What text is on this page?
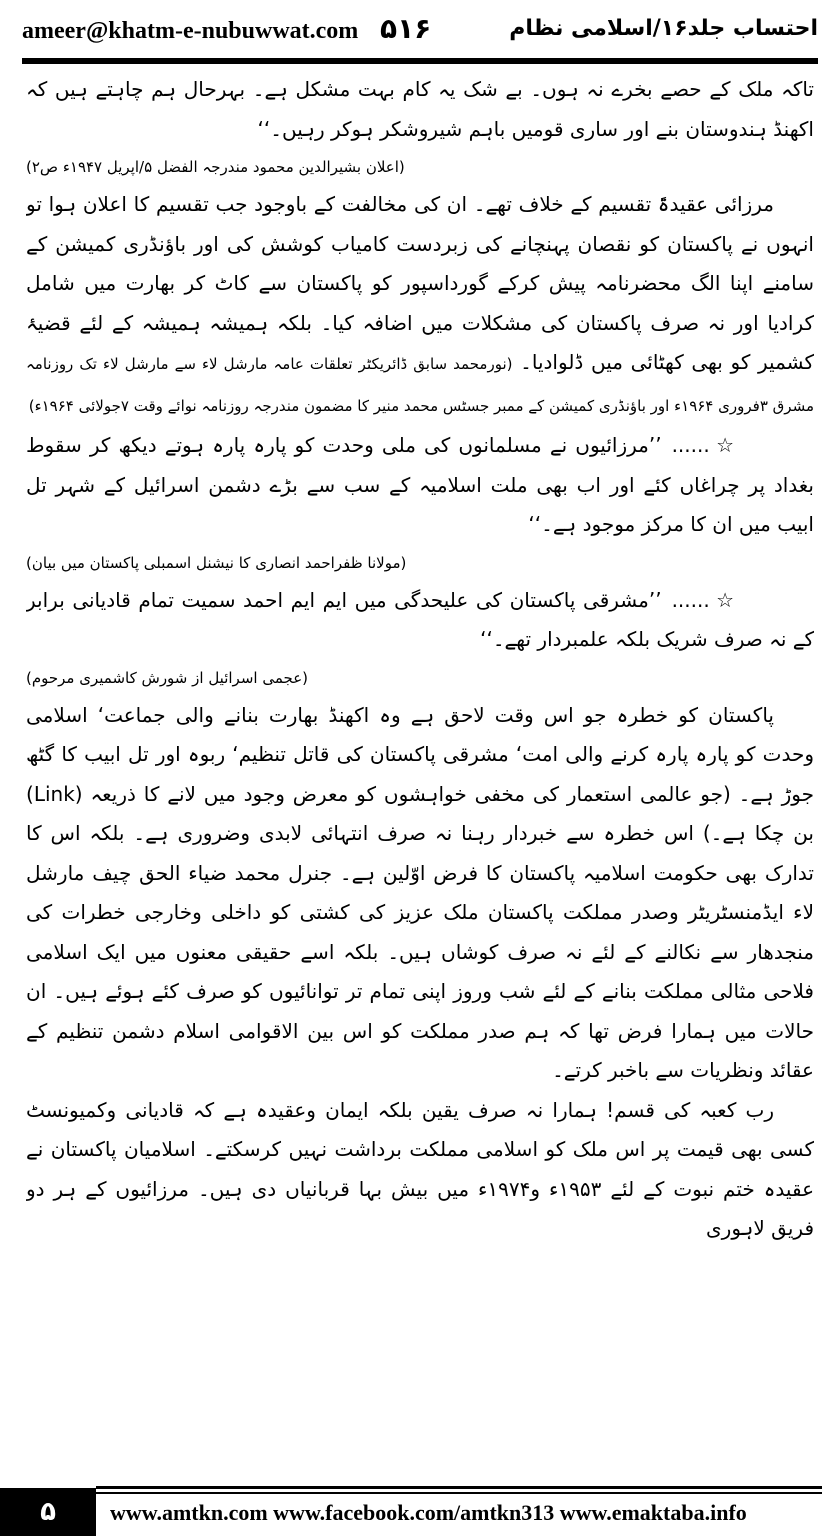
ameer@khatm-e-nubuwwat.com ۵۱۶	احتساب جلد۱۶/اسلامی نظام

تاکہ ملک کے حصے بخرے نہ ہوں۔ بے شک یہ کام بہت مشکل ہے۔ بہرحال ہم چاہتے ہیں کہ اکھنڈ ہندوستان بنے اور ساری قومیں باہم شیروشکر ہوکر رہیں۔‘‘

(اعلان بشیرالدین محمود مندرجہ الفضل ۵/اپریل ۱۹۴۷ء ص۲)

مرزائی عقیدۃً تقسیم کے خلاف تھے۔ ان کی مخالفت کے باوجود جب تقسیم کا اعلان ہوا تو انہوں نے پاکستان کو نقصان پہنچانے کی زبردست کامیاب کوشش کی اور باؤنڈری کمیشن کے سامنے اپنا الگ محضرنامہ پیش کرکے گورداسپور کو پاکستان سے کاٹ کر بھارت میں شامل کرادیا اور نہ صرف پاکستان کی مشکلات میں اضافہ کیا۔ بلکہ ہمیشہ ہمیشہ کے لئے قضیۂ کشمیر کو بھی کھٹائی میں ڈلوادیا۔ (نورمحمد سابق ڈائریکٹر تعلقات عامہ مارشل لاء سے مارشل لاء تک روزنامہ مشرق ۳فروری ۱۹۶۴ء اور باؤنڈری کمیشن کے ممبر جسٹس محمد منیر کا مضمون مندرجہ روزنامہ نوائے وقت ۷جولائی ۱۹۶۴ء)

☆ ......’’مرزائیوں نے مسلمانوں کی ملی وحدت کو پارہ پارہ ہوتے دیکھ کر سقوط بغداد پر چراغاں کئے اور اب بھی ملت اسلامیہ کے سب سے بڑے دشمن اسرائیل کے شہر تل ابیب میں ان کا مرکز موجود ہے۔‘‘

(مولانا ظفراحمد انصاری کا نیشنل اسمبلی پاکستان میں بیان)

☆ ......’’مشرقی پاکستان کی علیحدگی میں ایم ایم احمد سمیت تمام قادیانی برابر کے نہ صرف شریک بلکہ علمبردار تھے۔‘‘

(عجمی اسرائیل از شورش کاشمیری مرحوم)

پاکستان کو خطرہ جو اس وقت لاحق ہے وہ اکھنڈ بھارت بنانے والی جماعت‘ اسلامی وحدت کو پارہ پارہ کرنے والی امت‘ مشرقی پاکستان کی قاتل تنظیم‘ ربوہ اور تل ابیب کا گٹھ جوڑ ہے۔ (جو عالمی استعمار کی مخفی خواہشوں کو معرض وجود میں لانے کا ذریعہ (Link) بن چکا ہے۔) اس خطرہ سے خبردار رہنا نہ صرف انتہائی لابدی وضروری ہے۔ بلکہ اس کا تدارک بھی حکومت اسلامیہ پاکستان کا فرض اوّلین ہے۔ جنرل محمد ضیاء الحق چیف مارشل لاء ایڈمنسٹریٹر وصدر مملکت پاکستان ملک عزیز کی کشتی کو داخلی وخارجی خطرات کی منجدھار سے نکالنے کے لئے نہ صرف کوشاں ہیں۔ بلکہ اسے حقیقی معنوں میں ایک اسلامی فلاحی مثالی مملکت بنانے کے لئے شب وروز اپنی تمام تر توانائیوں کو صرف کئے ہوئے ہیں۔ ان حالات میں ہمارا فرض تھا کہ ہم صدر مملکت کو اس بین الاقوامی اسلام دشمن تنظیم کے عقائد ونظریات سے باخبر کرتے۔

رب کعبہ کی قسم! ہمارا نہ صرف یقین بلکہ ایمان وعقیدہ ہے کہ قادیانی وکمیونسٹ کسی بھی قیمت پر اس ملک کو اسلامی مملکت برداشت نہیں کرسکتے۔ اسلامیان پاکستان نے عقیدہ ختم نبوت کے لئے ۱۹۵۳ء و۱۹۷۴ء میں بیش بہا قربانیاں دی ہیں۔ مرزائیوں کے ہر دو فریق لاہوری

۵	www.amtkn.com www.facebook.com/amtkn313 www.emaktaba.info
